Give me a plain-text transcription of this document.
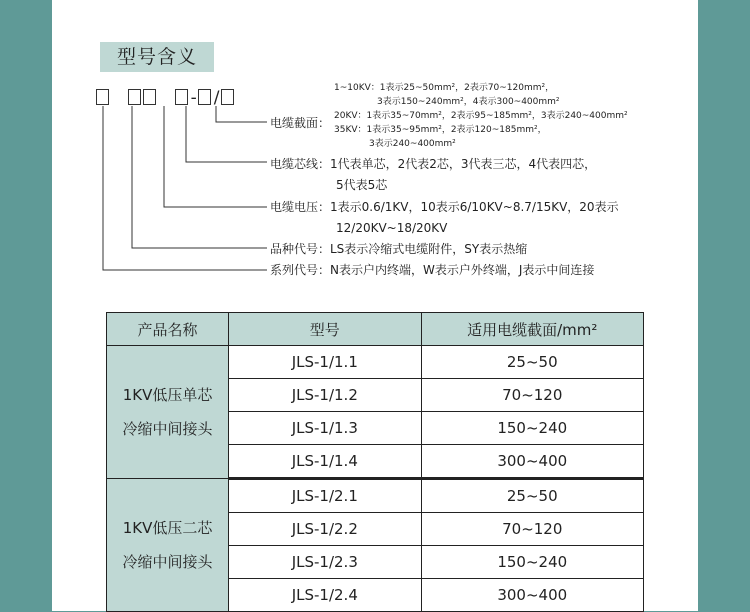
型号含义
- /
电缆截面：
1~10KV：1表示25~50mm²，2表示70~120mm²，
3表示150~240mm²，4表示300~400mm²
20KV：1表示35~70mm²，2表示95~185mm²，3表示240~400mm²
35KV：1表示35~95mm²，2表示120~185mm²，
3表示240~400mm²
电缆芯线：1代表单芯，2代表2芯，3代表三芯，4代表四芯，
5代表5芯
电缆电压：1表示0.6/1KV，10表示6/10KV~8.7/15KV，20表示
12/20KV~18/20KV
品种代号：LS表示冷缩式电缆附件，SY表示热缩
系列代号：N表示户内终端，W表示户外终端，J表示中间连接
产品名称	型号	适用电缆截面/mm²

1KV低压单芯
冷缩中间接头	JLS-1/1.1	25~50
	JLS-1/1.2	70~120
	JLS-1/1.3	150~240
	JLS-1/1.4	300~400

1KV低压二芯
冷缩中间接头	JLS-1/2.1	25~50
	JLS-1/2.2	70~120
	JLS-1/2.3	150~240
	JLS-1/2.4	300~400
